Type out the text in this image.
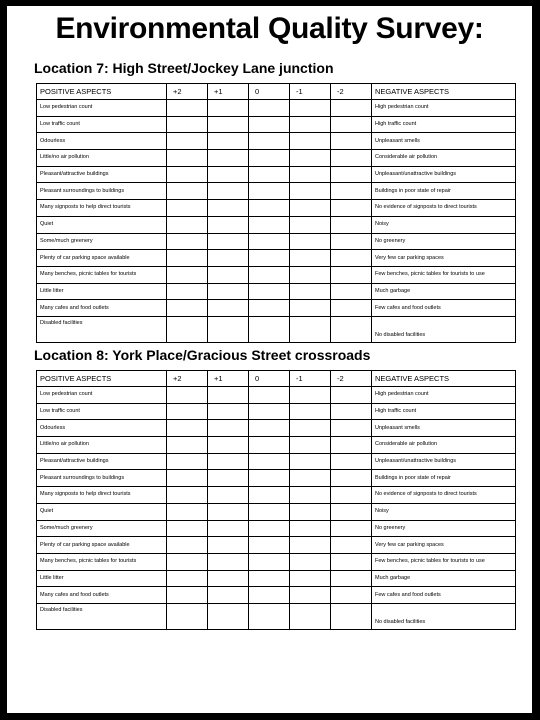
Environmental Quality Survey:
Location 7: High Street/Jockey Lane junction
POSITIVE ASPECTS	+2	+1	0	-1	-2	NEGATIVE ASPECTS
Low pedestrian count						High pedestrian count
Low traffic count						High traffic count
Odourless						Unpleasant smells
Little/no air pollution						Considerable air pollution
Pleasant/attractive buildings						Unpleasant/unattractive buildings
Pleasant surroundings to buildings						Buildings in poor state of repair
Many signposts to help direct tourists						No evidence of signposts to direct tourists
Quiet						Noisy
Some/much greenery						No greenery
Plenty of car parking space available						Very few car parking spaces
Many benches, picnic tables for tourists						Few benches, picnic tables for tourists to use
Little litter						Much garbage
Many cafes and food outlets						Few cafes and food outlets
Disabled facilities						No disabled facilities
Location 8: York Place/Gracious Street crossroads
POSITIVE ASPECTS	+2	+1	0	-1	-2	NEGATIVE ASPECTS
Low pedestrian count						High pedestrian count
Low traffic count						High traffic count
Odourless						Unpleasant smells
Little/no air pollution						Considerable air pollution
Pleasant/attractive buildings						Unpleasant/unattractive buildings
Pleasant surroundings to buildings						Buildings in poor state of repair
Many signposts to help direct tourists						No evidence of signposts to direct tourists
Quiet						Noisy
Some/much greenery						No greenery
Plenty of car parking space available						Very few car parking spaces
Many benches, picnic tables for tourists						Few benches, picnic tables for tourists to use
Little litter						Much garbage
Many cafes and food outlets						Few cafes and food outlets
Disabled facilities						No disabled facilities
